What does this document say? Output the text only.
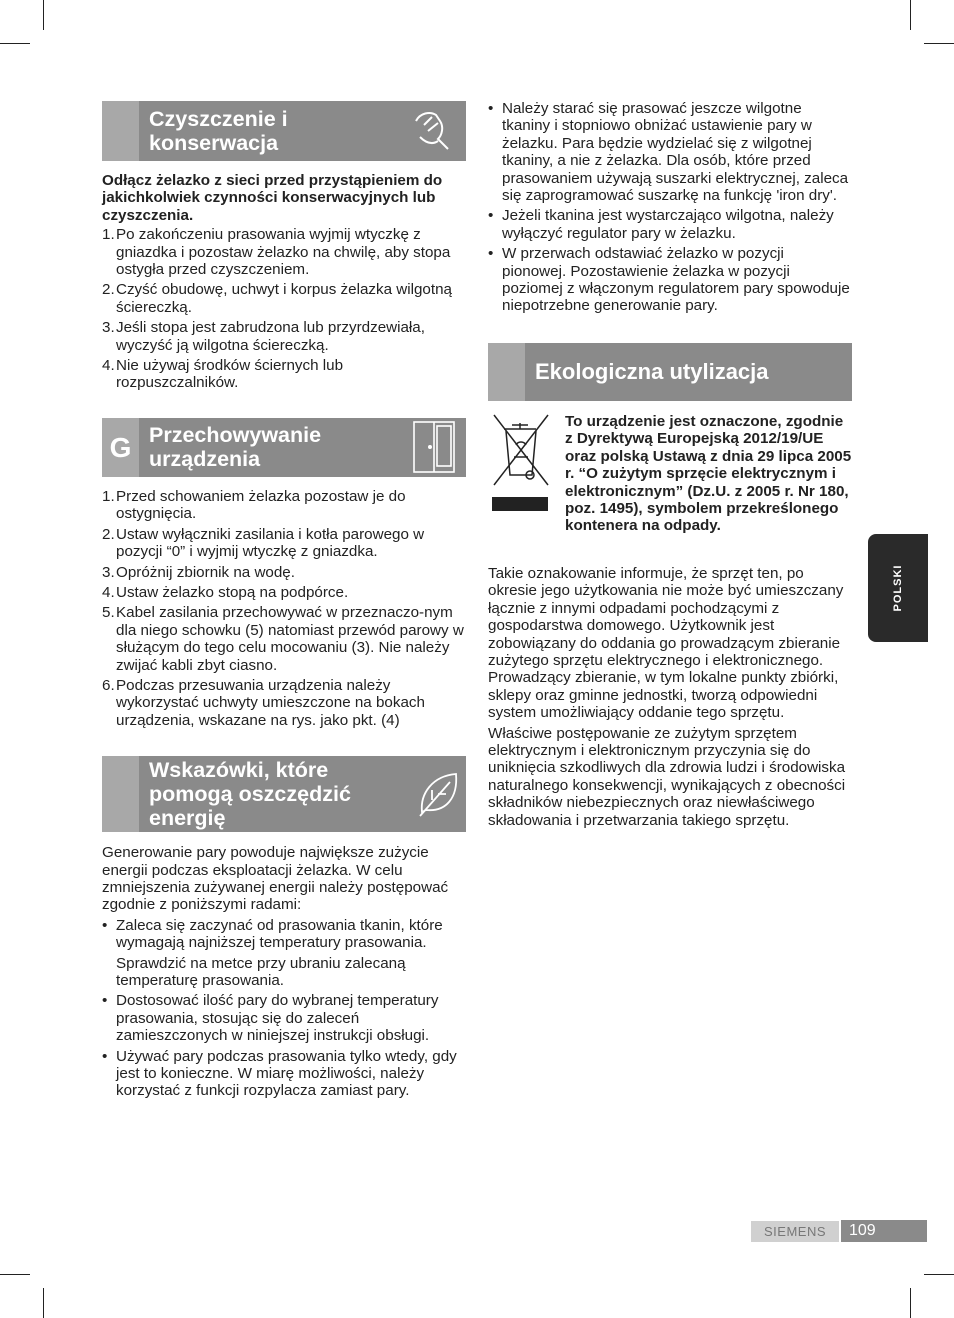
Czyszczenie i konserwacja

Odłącz żelazko z sieci przed przystąpieniem do jakichkolwiek czynności konserwacyjnych lub czyszczenia.

1. Po zakończeniu prasowania wyjmij wtyczkę z gniazdka i pozostaw żelazko na chwilę, aby stopa ostygła przed czyszczeniem.
2. Czyść obudowę, uchwyt i korpus żelazka wilgotną ściereczką.
3. Jeśli stopa jest zabrudzona lub przyrdzewiała, wyczyść ją wilgotna ściereczką.
4. Nie używaj środków ściernych lub rozpuszczalników.
G Przechowywanie urządzenia
1. Przed schowaniem żelazka pozostaw je do ostygnięcia.
2. Ustaw wyłączniki zasilania i kotła parowego w pozycji “0” i wyjmij wtyczkę z gniazdka.
3. Opróżnij zbiornik na wodę.
4. Ustaw żelazko stopą na podpórce.
5. Kabel zasilania przechowywać w przeznaczo-nym dla niego schowku (5) natomiast przewód parowy w służącym do tego celu mocowaniu (3). Nie należy zwijać kabli zbyt ciasno.
6. Podczas przesuwania urządzenia należy wykorzystać uchwyty umieszczone na bokach urządzenia, wskazane na rys. jako pkt. (4)
Wskazówki, które pomogą oszczędzić energię

Generowanie pary powoduje największe zużycie energii podczas eksploatacji żelazka. W celu zmniejszenia zużywanej energii należy postępować zgodnie z poniższymi radami:

• Zaleca się zaczynać od prasowania tkanin, które wymagają najniższej temperatury prasowania.

Sprawdzić na metce przy ubraniu zalecaną temperaturę prasowania.

• Dostosować ilość pary do wybranej temperatury prasowania, stosując się do zaleceń zamieszczonych w niniejszej instrukcji obsługi.
• Używać pary podczas prasowania tylko wtedy, gdy jest to konieczne. W miarę możliwości, należy korzystać z funkcji rozpylacza zamiast pary.
• Należy starać się prasować jeszcze wilgotne tkaniny i stopniowo obniżać ustawienie pary w żelazku. Para będzie wydzielać się z wilgotnej tkaniny, a nie z żelazka. Dla osób, które przed prasowaniem używają suszarki elektrycznej, zaleca się zaprogramować suszarkę na funkcję 'iron dry'.
• Jeżeli tkanina jest wystarczająco wilgotna, należy wyłączyć regulator pary w żelazku.
• W przerwach odstawiać żelazko w pozycji pionowej. Pozostawienie żelazka w pozycji poziomej z włączonym regulatorem pary spowoduje niepotrzebne generowanie pary.
Ekologiczna utylizacja

To urządzenie jest oznaczone, zgodnie z Dyrektywą Europejską 2012/19/UE oraz polską Ustawą z dnia 29 lipca 2005 r. “O zużytym sprzęcie elektrycznym i elektronicznym” (Dz.U. z 2005 r. Nr 180, poz. 1495), symbolem przekreślonego kontenera na odpady.

Takie oznakowanie informuje, że sprzęt ten, po okresie jego użytkowania nie może być umieszczany łącznie z innymi odpadami pochodzącymi z gospodarstwa domowego. Użytkownik jest zobowiązany do oddania go prowadzącym zbieranie zużytego sprzętu elektrycznego i elektronicznego. Prowadzący zbieranie, w tym lokalne punkty zbiórki, sklepy oraz gminne jednostki, tworzą odpowiedni system umożliwiający oddanie tego sprzętu.

Właściwe postępowanie ze zużytym sprzętem elektrycznym i elektronicznym przyczynia się do uniknięcia szkodliwych dla zdrowia ludzi i środowiska naturalnego konsekwencji, wynikających z obecności składników niebezpiecznych oraz niewłaściwego składowania i przetwarzania takiego sprzętu.

POLSKI
SIEMENS	109
